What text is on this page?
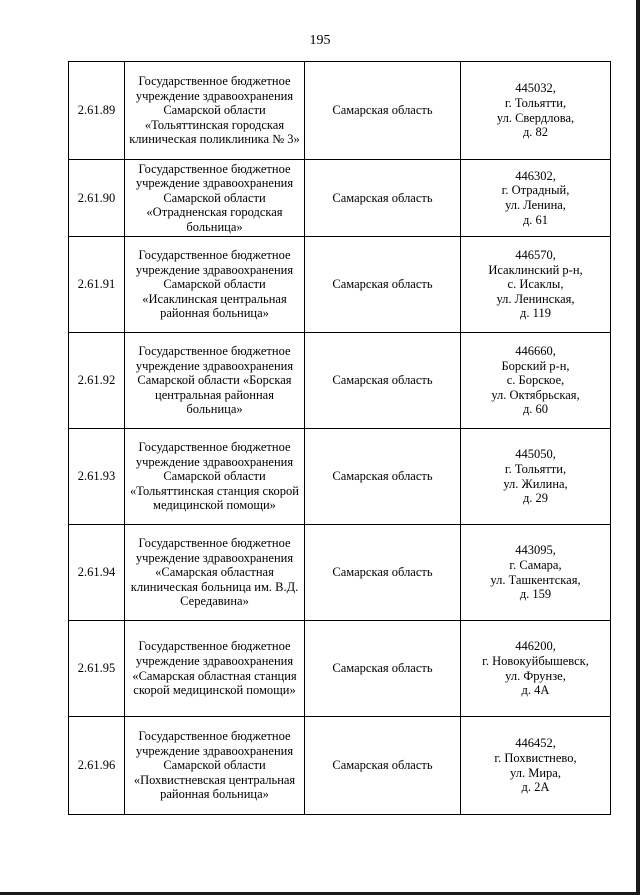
195
2.61.89	Государственное бюджетное учреждение здравоохранения Самарской области «Тольяттинская городская клиническая поликлиника № 3»	Самарская область	445032,
г. Тольятти,
ул. Свердлова,
д. 82

2.61.90	Государственное бюджетное учреждение здравоохранения Самарской области «Отрадненская городская больница»	Самарская область	446302,
г. Отрадный,
ул. Ленина,
д. 61

2.61.91	Государственное бюджетное учреждение здравоохранения Самарской области «Исаклинская центральная районная больница»	Самарская область	446570,
Исаклинский р-н,
с. Исаклы,
ул. Ленинская,
д. 119

2.61.92	Государственное бюджетное учреждение здравоохранения Самарской области «Борская центральная районная больница»	Самарская область	446660,
Борский р-н,
с. Борское,
ул. Октябрьская,
д. 60

2.61.93	Государственное бюджетное учреждение здравоохранения Самарской области «Тольяттинская станция скорой медицинской помощи»	Самарская область	445050,
г. Тольятти,
ул. Жилина,
д. 29

2.61.94	Государственное бюджетное учреждение здравоохранения «Самарская областная клиническая больница им. В.Д. Середавина»	Самарская область	443095,
г. Самара,
ул. Ташкентская,
д. 159

2.61.95	Государственное бюджетное учреждение здравоохранения «Самарская областная станция скорой медицинской помощи»	Самарская область	446200,
г. Новокуйбышевск,
ул. Фрунзе,
д. 4А

2.61.96	Государственное бюджетное учреждение здравоохранения Самарской области «Похвистневская центральная районная больница»	Самарская область	446452,
г. Похвистнево,
ул. Мира,
д. 2А
